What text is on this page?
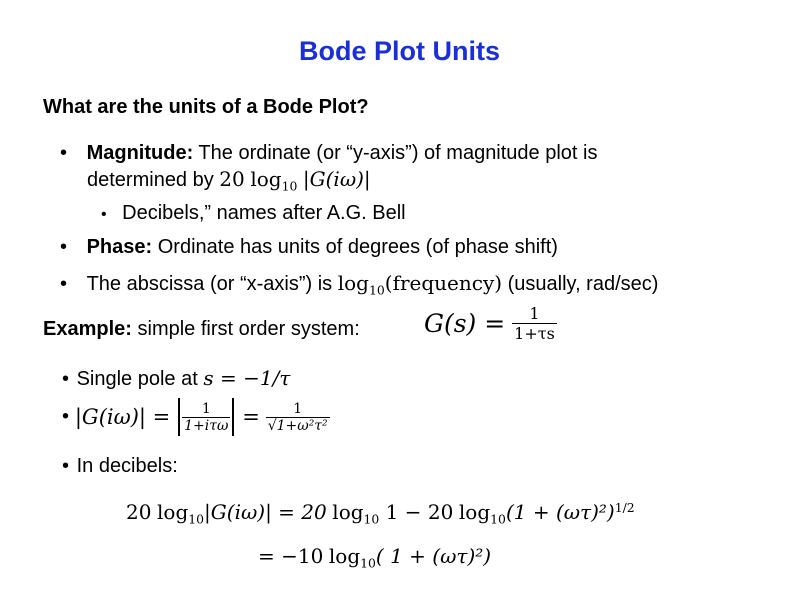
Bode Plot Units
What are the units of a Bode Plot?
• Magnitude: The ordinate (or “y-axis”) of magnitude plot is
determined by 20 $\log_{10} |G(i\omega)|$
• Decibels,” names after A.G. Bell
• Phase: Ordinate has units of degrees (of phase shift)
• The abscissa (or “x-axis”) is $\log_{10}(frequency)$ (usually, rad/sec)
Example: simple first order system:	$G(s) = \frac{1}{1+\tau s}$
• Single pole at s = −1/τ
• $|G(i\omega)| = \frac{1}{\text{1+iτω}} = \frac{1}{\text{√1+ω²τ²}}$
• In decibels:
20 $\log_{10}|G(i\omega)| = 20$ $\log_{10} 1 - 20$ $\log_{10}(1 + (\omega\tau)^2)^{1/2}$
= −10 $\log_{10}$( 1 + (ωτ)²)
